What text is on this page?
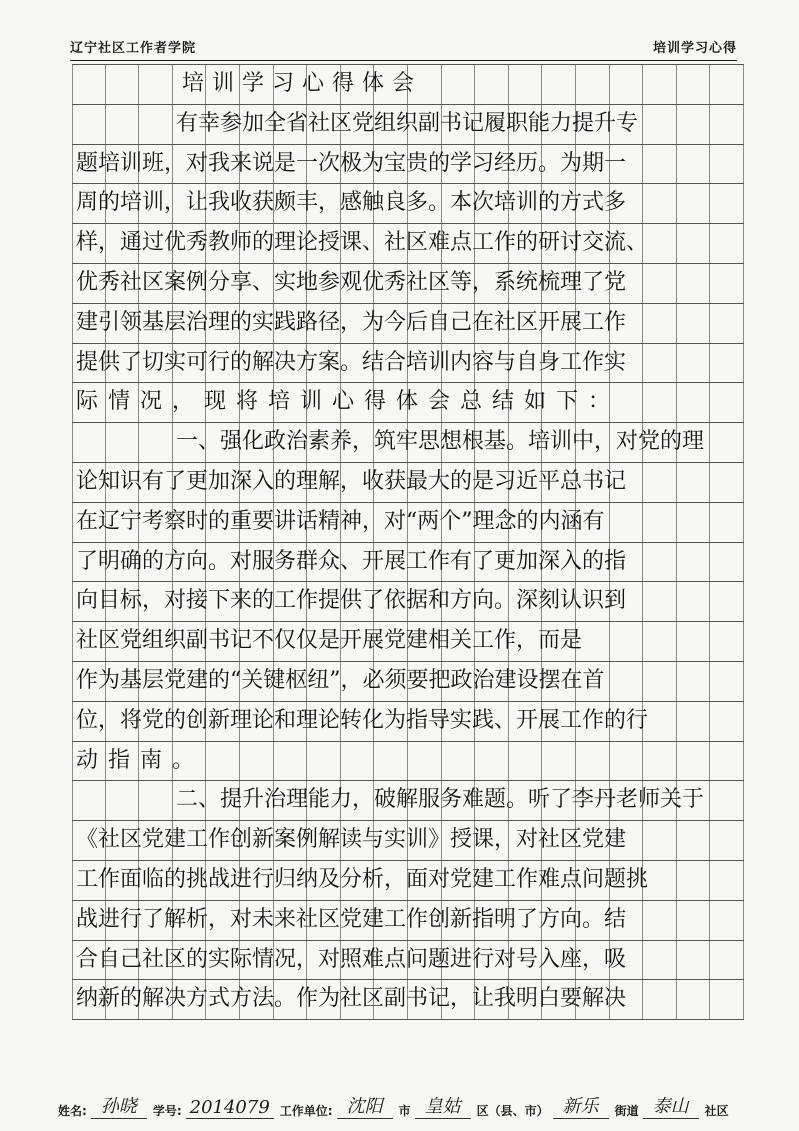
辽宁社区工作者学院	培训学习心得
培训学习心得体会
有幸参加全省社区党组织副书记履职能力提升专
题培训班，对我来说是一次极为宝贵的学习经历。为期一
周的培训，让我收获颇丰，感触良多。本次培训的方式多
样，通过优秀教师的理论授课、社区难点工作的研讨交流、
优秀社区案例分享、实地参观优秀社区等，系统梳理了党
建引领基层治理的实践路径，为今后自己在社区开展工作
提供了切实可行的解决方案。结合培训内容与自身工作实
际情况，现将培训心得体会总结如下：
一、强化政治素养，筑牢思想根基。培训中，对党的理
论知识有了更加深入的理解，收获最大的是习近平总书记
在辽宁考察时的重要讲话精神，对“两个”理念的内涵有
了明确的方向。对服务群众、开展工作有了更加深入的指
向目标，对接下来的工作提供了依据和方向。深刻认识到
社区党组织副书记不仅仅是开展党建相关工作，而是
作为基层党建的“关键枢纽”，必须要把政治建设摆在首
位，将党的创新理论和理论转化为指导实践、开展工作的行
动指南。
二、提升治理能力，破解服务难题。听了李丹老师关于
《社区党建工作创新案例解读与实训》授课，对社区党建
工作面临的挑战进行归纳及分析，面对党建工作难点问题挑
战进行了解析，对未来社区党建工作创新指明了方向。结
合自己社区的实际情况，对照难点问题进行对号入座，吸
纳新的解决方式方法。作为社区副书记，让我明白要解决
姓名: 孙晓	学号: 2014079 工作单位: 沈阳	市 皇姑	区（县、市） 新乐	街道 泰山	社区
